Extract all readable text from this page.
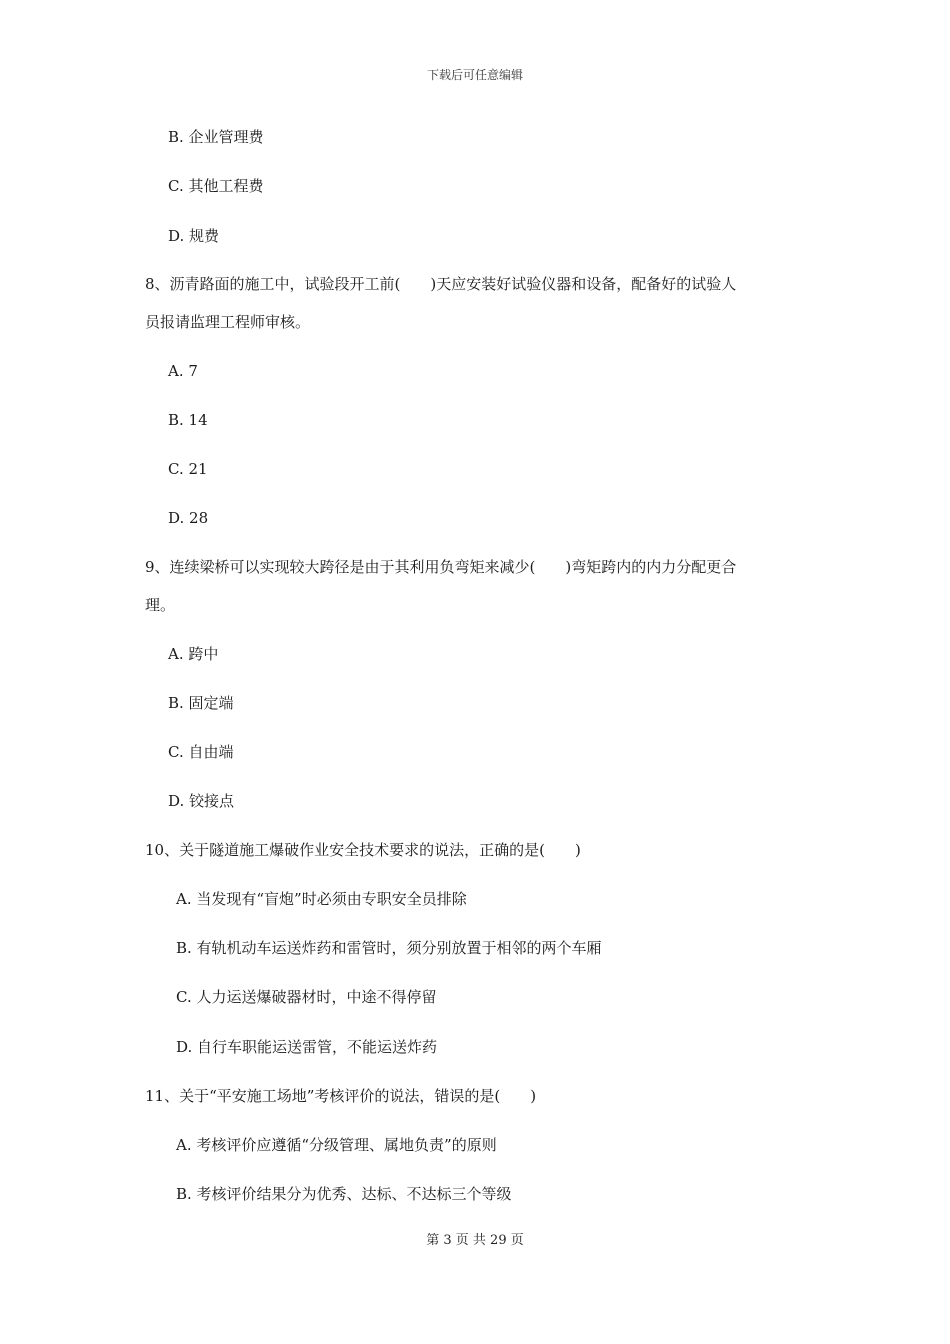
下载后可任意编辑
B. 企业管理费
C. 其他工程费
D. 规费
8、沥青路面的施工中，试验段开工前(　　)天应安装好试验仪器和设备，配备好的试验人
员报请监理工程师审核。
A. 7
B. 14
C. 21
D. 28
9、连续梁桥可以实现较大跨径是由于其利用负弯矩来减少(　　)弯矩跨内的内力分配更合
理。
A. 跨中
B. 固定端
C. 自由端
D. 铰接点
10、关于隧道施工爆破作业安全技术要求的说法，正确的是(　　)
A. 当发现有“盲炮”时必须由专职安全员排除
B. 有轨机动车运送炸药和雷管时，须分别放置于相邻的两个车厢
C. 人力运送爆破器材时，中途不得停留
D. 自行车职能运送雷管，不能运送炸药
11、关于“平安施工场地”考核评价的说法，错误的是(　　)
A. 考核评价应遵循“分级管理、属地负责”的原则
B. 考核评价结果分为优秀、达标、不达标三个等级
第 3 页 共 29 页
